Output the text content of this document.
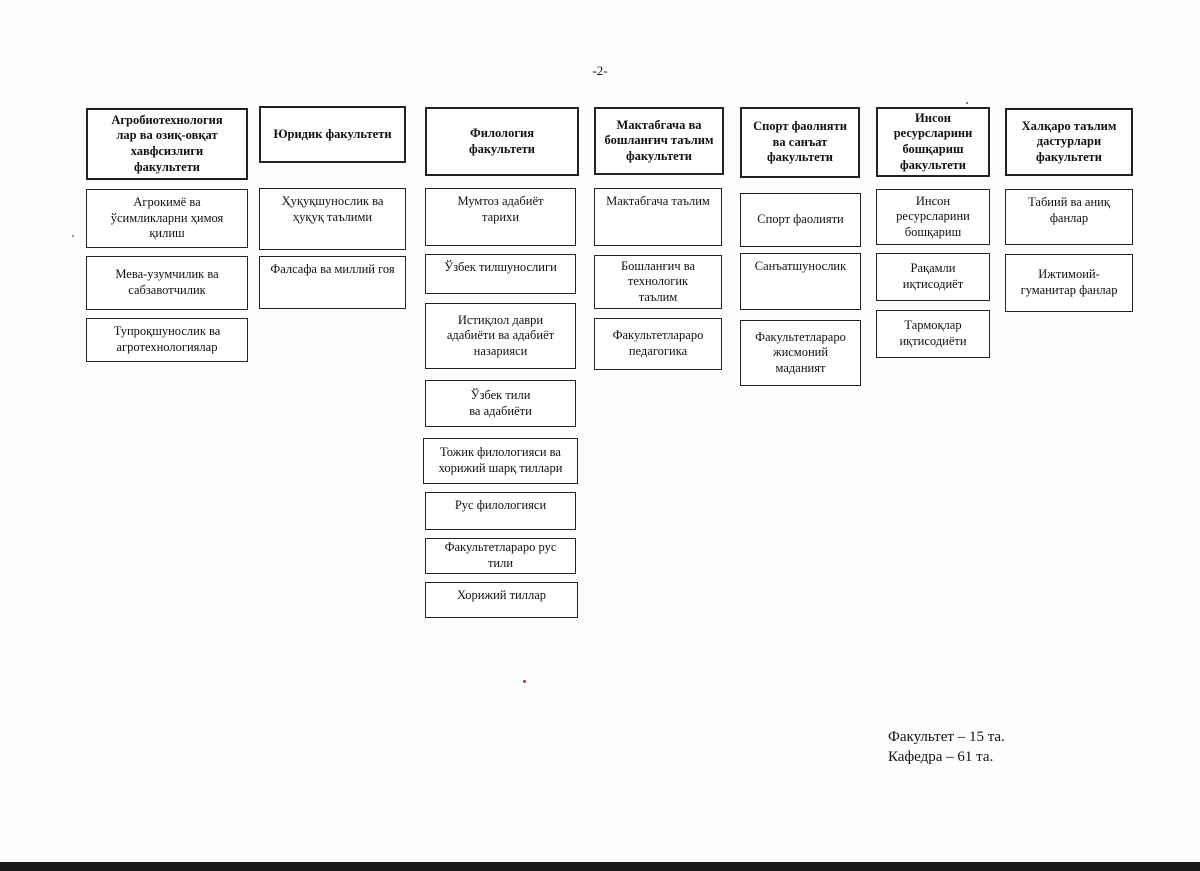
-2-
Агробиотехнология
лар ва озиқ-овқат
хавфсизлиги
факультети
Агрокимё ва
ўсимликларни ҳимоя
қилиш
Мева-узумчилик ва
сабзавотчилик
Тупроқшунослик ва
агротехнологиялар
Юридик факультети
Ҳуқуқшунослик ва
ҳуқуқ таълими
Фалсафа ва миллий гоя
Филология
факультети
Мумтоз адабиёт
тарихи
Ўзбек тилшунослиги
Истиқлол даври
адабиёти ва адабиёт
назарияси
Ўзбек тили
ва адабиёти
Тожик филологияси ва
хорижий шарқ тиллари
Рус филологияси
Факультетлараро рус
тили
Хорижий тиллар
Мактабгача ва
бошланғич таълим
факультети
Мактабгача таълим
Бошланғич ва
технологик
таълим
Факультетлараро
педагогика
Спорт фаолияти
ва санъат
факультети
Спорт фаолияти
Санъатшунослик
Факультетлараро
жисмоний
маданият
Инсон
ресурсларини
бошқариш
факультети
Инсон
ресурсларини
бошқариш
Рақамли
иқтисодиёт
Тармоқлар
иқтисодиёти
Халқаро таълим
дастурлари
факультети
Табиий ва аниқ
фанлар
Ижтимоий-
гуманитар фанлар
Факультет – 15 та.
Кафедра – 61 та.
